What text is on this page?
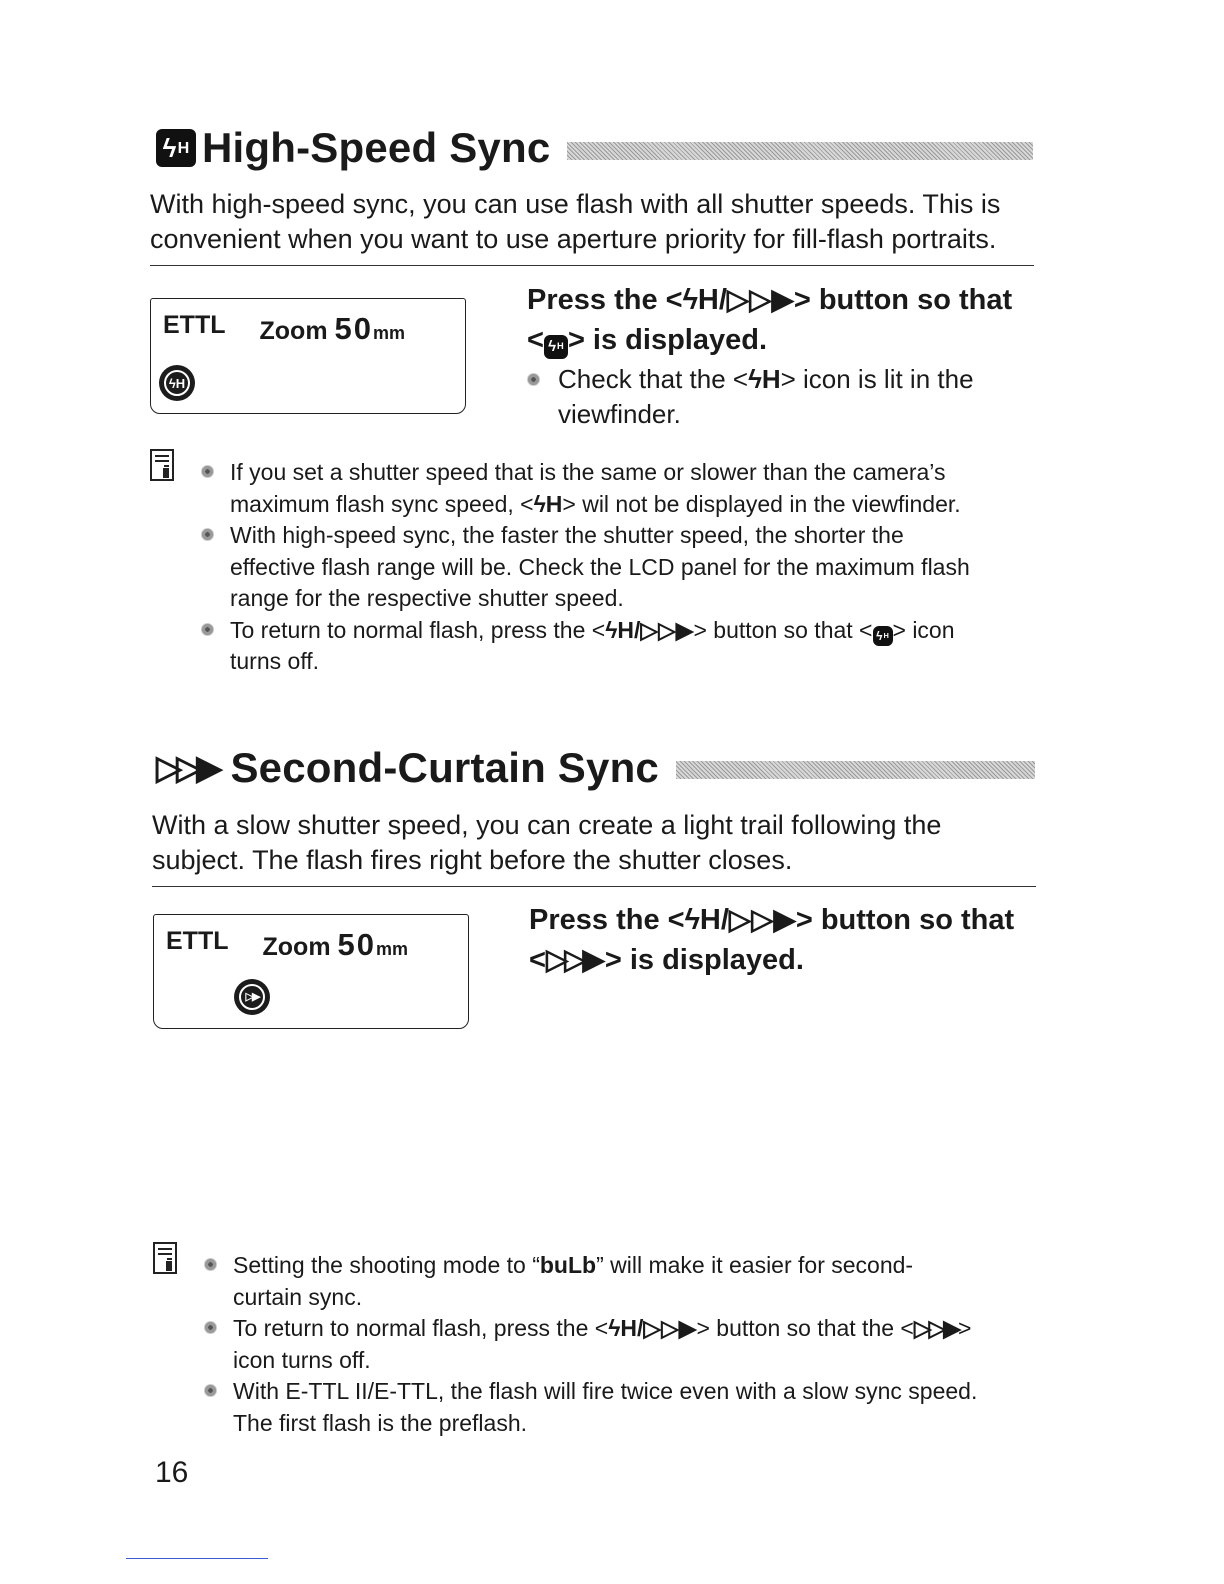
ϟ H High-Speed Sync
With high-speed sync, you can use flash with all shutter speeds. This is
convenient when you want to use aperture priority for fill-flash portraits.
ETTL Zoom 50mm
ϟH
Press the <ϟH/▷▷▶> button so that
< ϟ H > is displayed.
Check that the <ϟH> icon is lit in the
viewfinder.
If you set a shutter speed that is the same or slower than the camera’s
maximum flash sync speed, <ϟH> wil not be displayed in the viewfinder.
With high-speed sync, the faster the shutter speed, the shorter the
effective flash range will be. Check the LCD panel for the maximum flash
range for the respective shutter speed.
To return to normal flash, press the <ϟH/▷▷▶> button so that < ϟ H > icon
turns off.
▷▷▶ Second-Curtain Sync
With a slow shutter speed, you can create a light trail following the
subject. The flash fires right before the shutter closes.
ETTL Zoom 50mm
▷▶
Press the <ϟH/▷▷▶> button so that
<▷▷▶ > is displayed.
Setting the shooting mode to “buLb” will make it easier for second-
curtain sync.
To return to normal flash, press the <ϟH/▷▷▶> button so that the <▷▷▶>
icon turns off.
With E-TTL II/E-TTL, the flash will fire twice even with a slow sync speed.
The first flash is the preflash.
16
